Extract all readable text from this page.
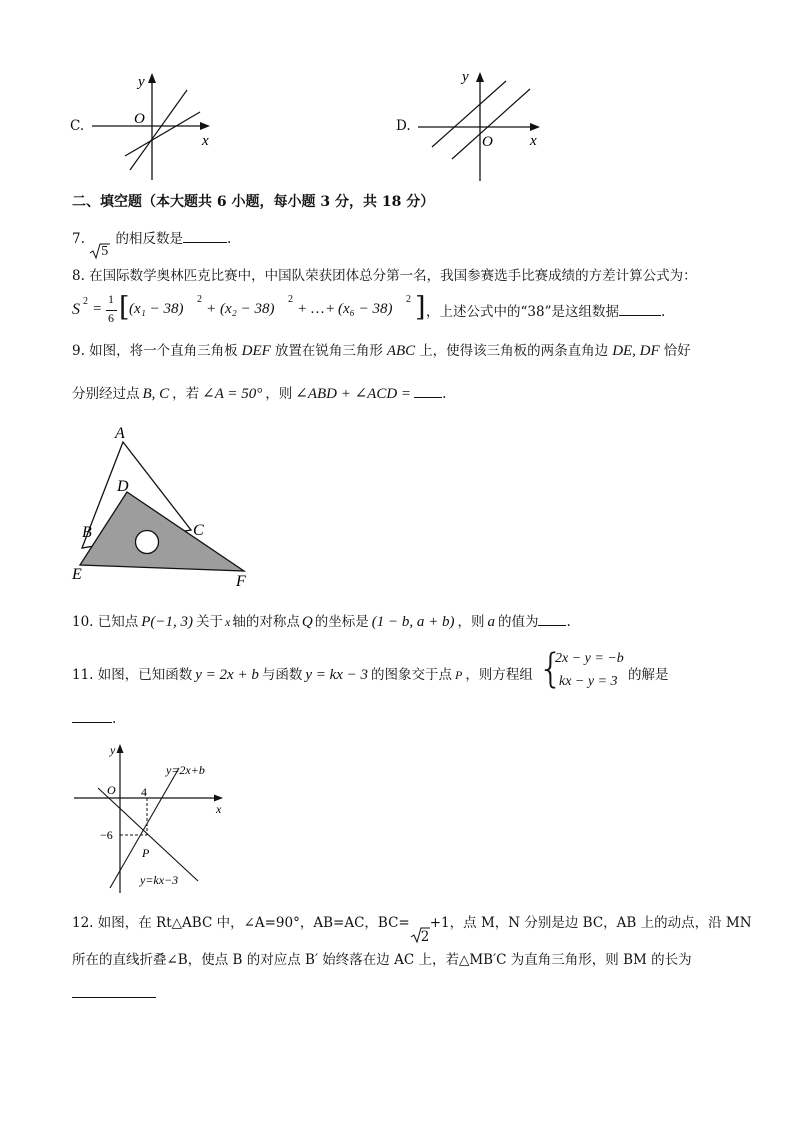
C.
y
x
O	D.
y
x
O
二、填空题（本大题共 6 小题，每小题 3 分，共 18 分）
7.
5
的相反数是	.
8. 在国际数学奥林匹克比赛中，中国队荣获团体总分第一名，我国参赛选手比赛成绩的方差计算公式为：
S 2 =
1
6 [ (x₁ − 38)
2
+ (x₂ − 38)
2
+ … + (x₆ − 38)
2 ] ，上述公式中的“38”是这组数据	.
9. 如图，将一个直角三角板 DEF 放置在锐角三角形 ABC 上，使得该三角板的两条直角边 DE, DF 恰好
分别经过点 B, C ，若 ∠A = 50° ，则 ∠ABD + ∠ACD = .
A
D
B	C
E	F
10. 已知点 P(−1, 3) 关于 x 轴的对称点 Q 的坐标是 (1 − b, a + b) ，则 a 的值为 .
11. 如图，已知函数 y = 2x + b 与函数 y = kx − 3 的图象交于点 P ，则方程组 {
2x − y = −b
kx − y = 3 的解是
.
y
x
O 4
−6
P
y=2x+b
y=kx−3
12. 如图，在 Rt△ABC 中，∠A=90°，AB=AC，BC=
2
+1，点 M，N 分别是边 BC，AB 上的动点，沿 MN
所在的直线折叠∠B，使点 B 的对应点 B′ 始终落在边 AC 上，若△MB′C 为直角三角形，则 BM 的长为
